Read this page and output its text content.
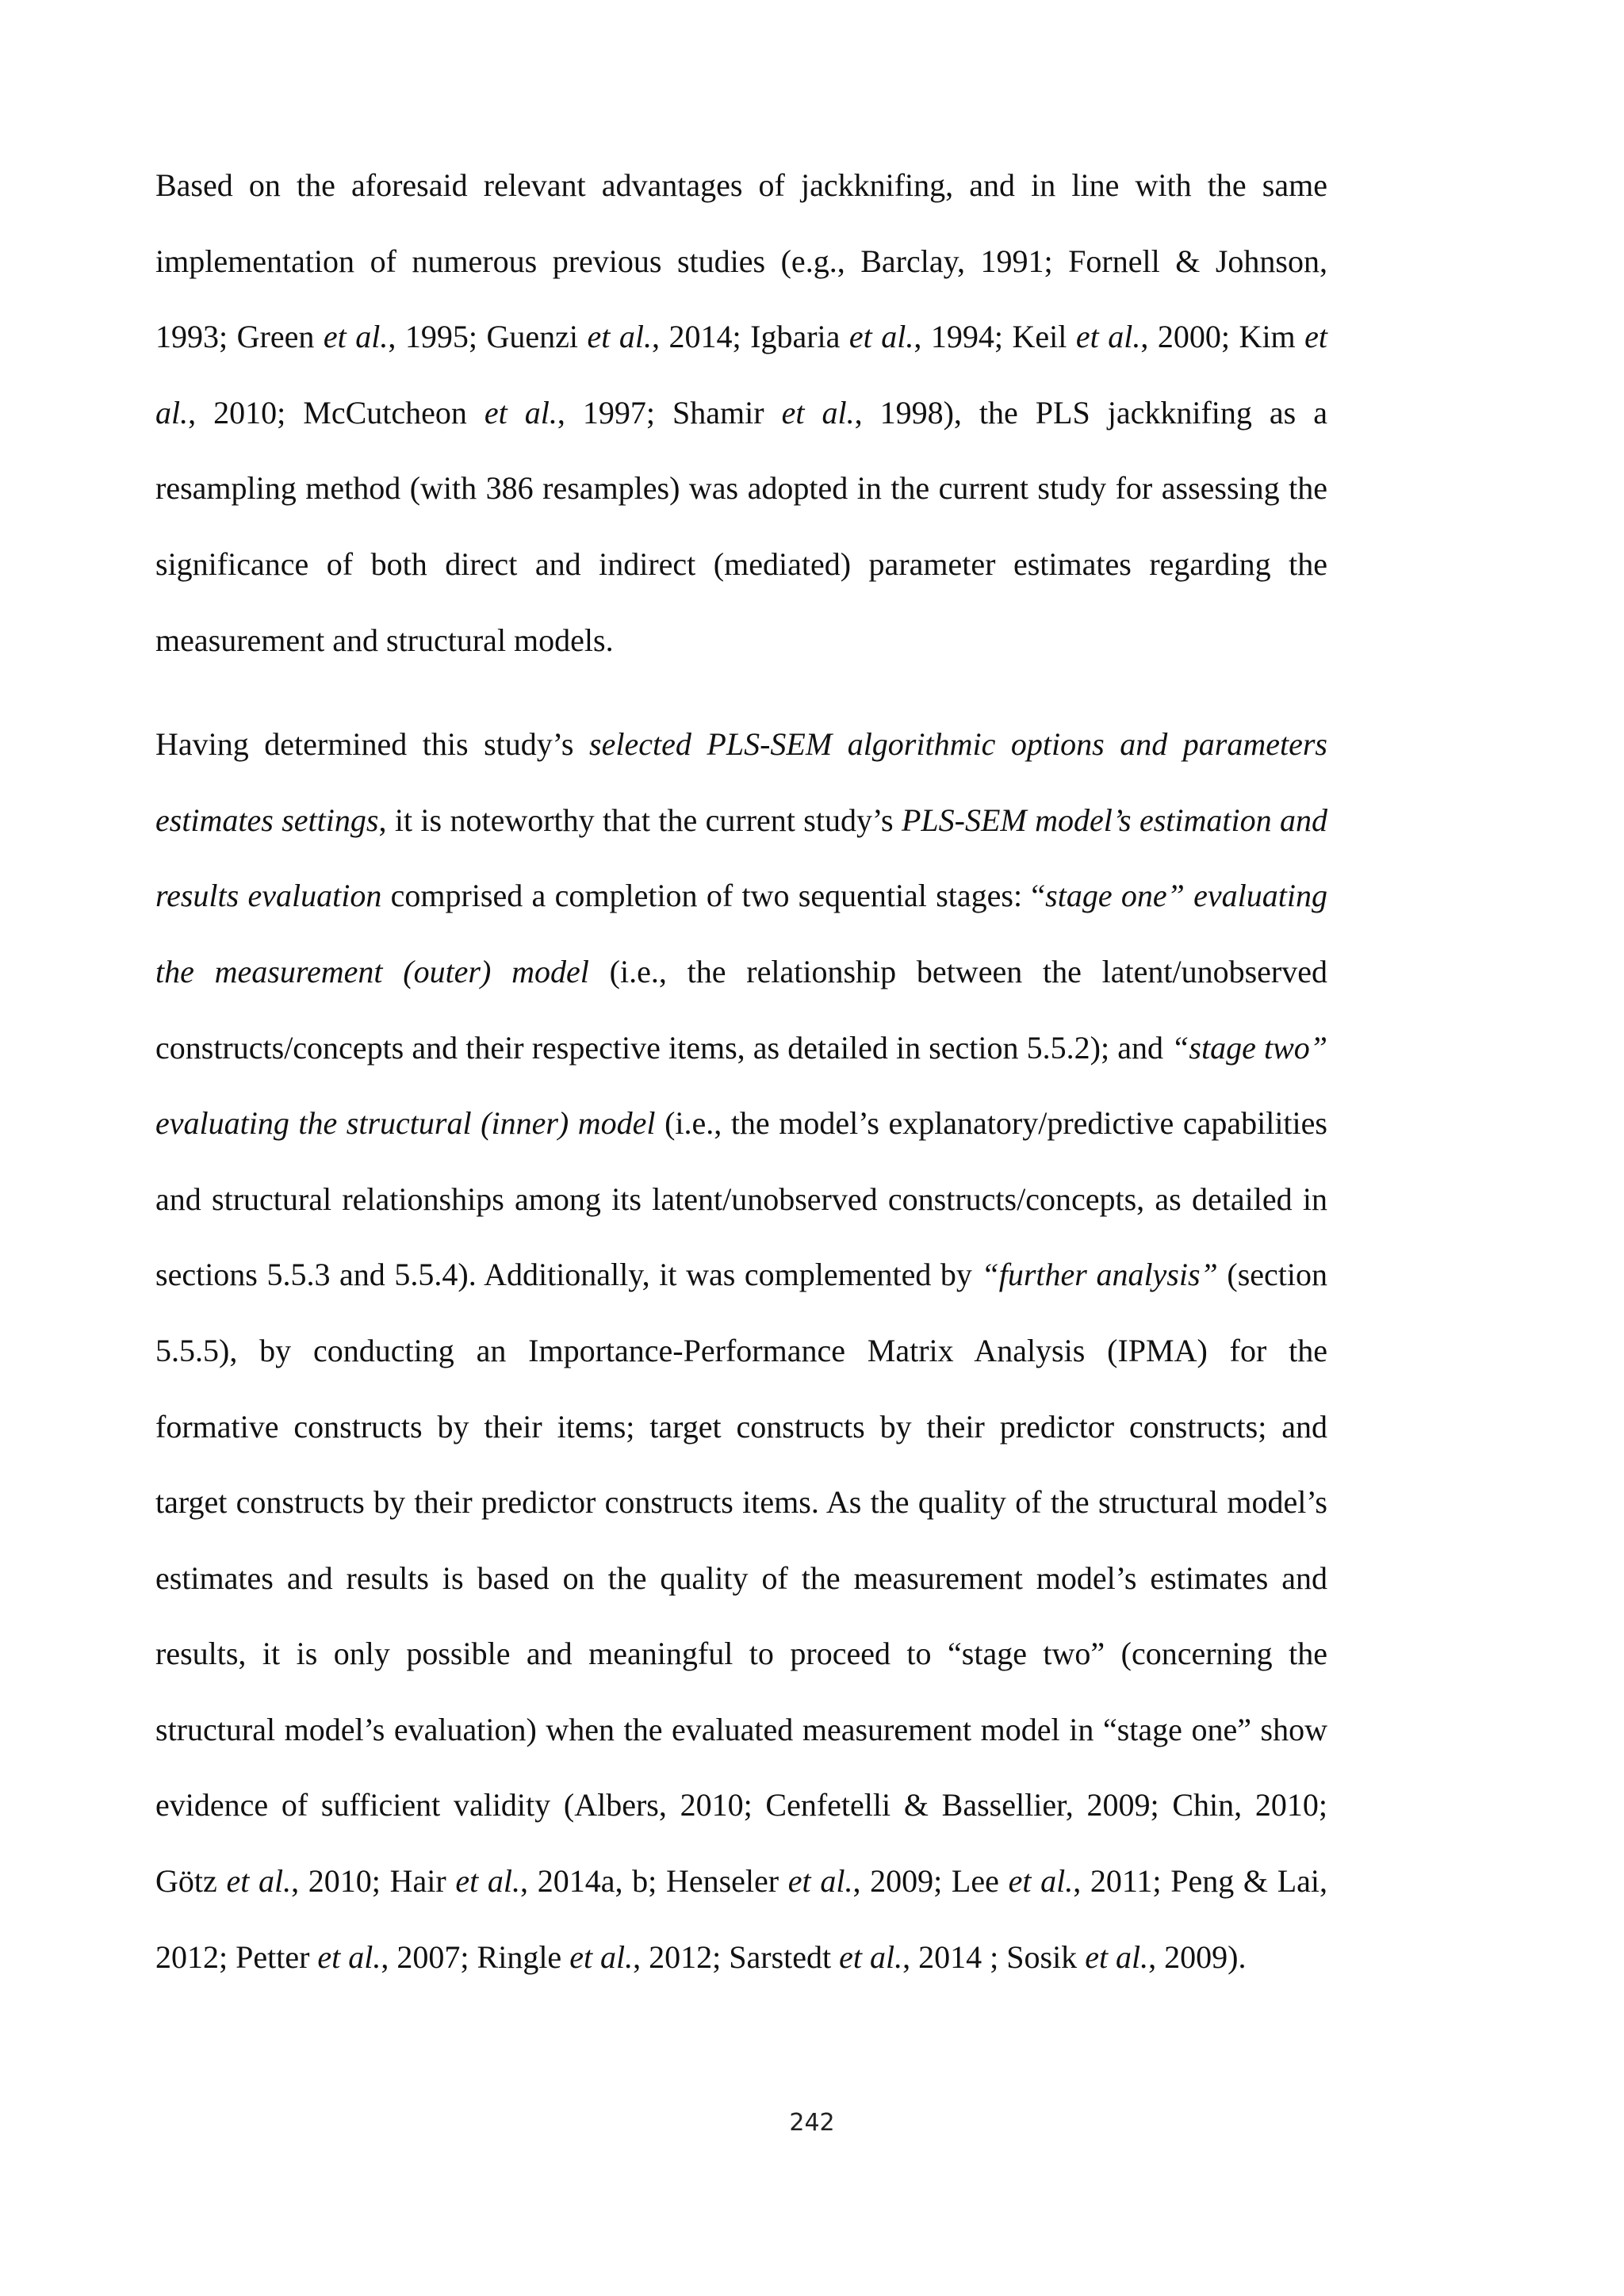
Based on the aforesaid relevant advantages of jackknifing, and in line with the same implementation of numerous previous studies (e.g., Barclay, 1991; Fornell & Johnson, 1993; Green et al., 1995; Guenzi et al., 2014; Igbaria et al., 1994; Keil et al., 2000; Kim et al., 2010; McCutcheon et al., 1997; Shamir et al., 1998), the PLS jackknifing as a resampling method (with 386 resamples) was adopted in the current study for assessing the significance of both direct and indirect (mediated) parameter estimates regarding the measurement and structural models.

Having determined this study’s selected PLS-SEM algorithmic options and parameters estimates settings, it is noteworthy that the current study’s PLS-SEM model’s estimation and results evaluation comprised a completion of two sequential stages: “stage one” evaluating the measurement (outer) model (i.e., the relationship between the latent/unobserved constructs/concepts and their respective items, as detailed in section 5.5.2); and “stage two” evaluating the structural (inner) model (i.e., the model’s explanatory/predictive capabilities and structural relationships among its latent/unobserved constructs/concepts, as detailed in sections 5.5.3 and 5.5.4). Additionally, it was complemented by “further analysis” (section 5.5.5), by conducting an Importance-Performance Matrix Analysis (IPMA) for the formative constructs by their items; target constructs by their predictor constructs; and target constructs by their predictor constructs items. As the quality of the structural model’s estimates and results is based on the quality of the measurement model’s estimates and results, it is only possible and meaningful to proceed to “stage two” (concerning the structural model’s evaluation) when the evaluated measurement model in “stage one” show evidence of sufficient validity (Albers, 2010; Cenfetelli & Bassellier, 2009; Chin, 2010; Götz et al., 2010; Hair et al., 2014a, b; Henseler et al., 2009; Lee et al., 2011; Peng & Lai, 2012; Petter et al., 2007; Ringle et al., 2012; Sarstedt et al., 2014 ; Sosik et al., 2009).

242
